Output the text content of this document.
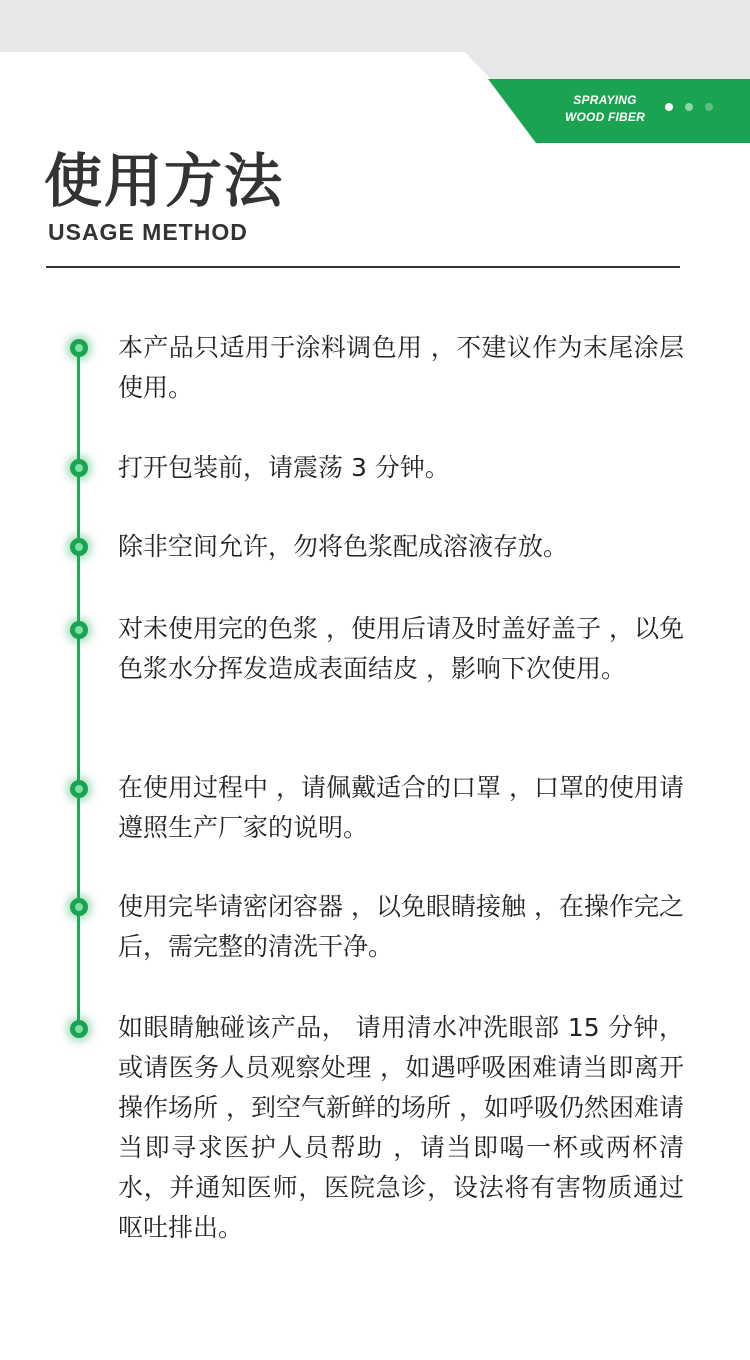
SPRAYING
WOOD FIBER
使用方法
USAGE METHOD
本产品只适用于涂料调色用 ，不建议作为末尾涂层使用。
打开包装前，请震荡 3 分钟。
除非空间允许，勿将色浆配成溶液存放。
对未使用完的色浆 ，使用后请及时盖好盖子 ，以免色浆水分挥发造成表面结皮 ，影响下次使用。
在使用过程中 ，请佩戴适合的口罩 ，口罩的使用请遵照生产厂家的说明。
使用完毕请密闭容器 ，以免眼睛接触 ，在操作完之后，需完整的清洗干净。
如眼睛触碰该产品， 请用清水冲洗眼部 15 分钟， 或请医务人员观察处理 ，如遇呼吸困难请当即离开操作场所 ，到空气新鲜的场所 ，如呼吸仍然困难请当即寻求医护人员帮助 ，请当即喝一杯或两杯清水，并通知医师，医院急诊，设法将有害物质通过呕吐排出。
